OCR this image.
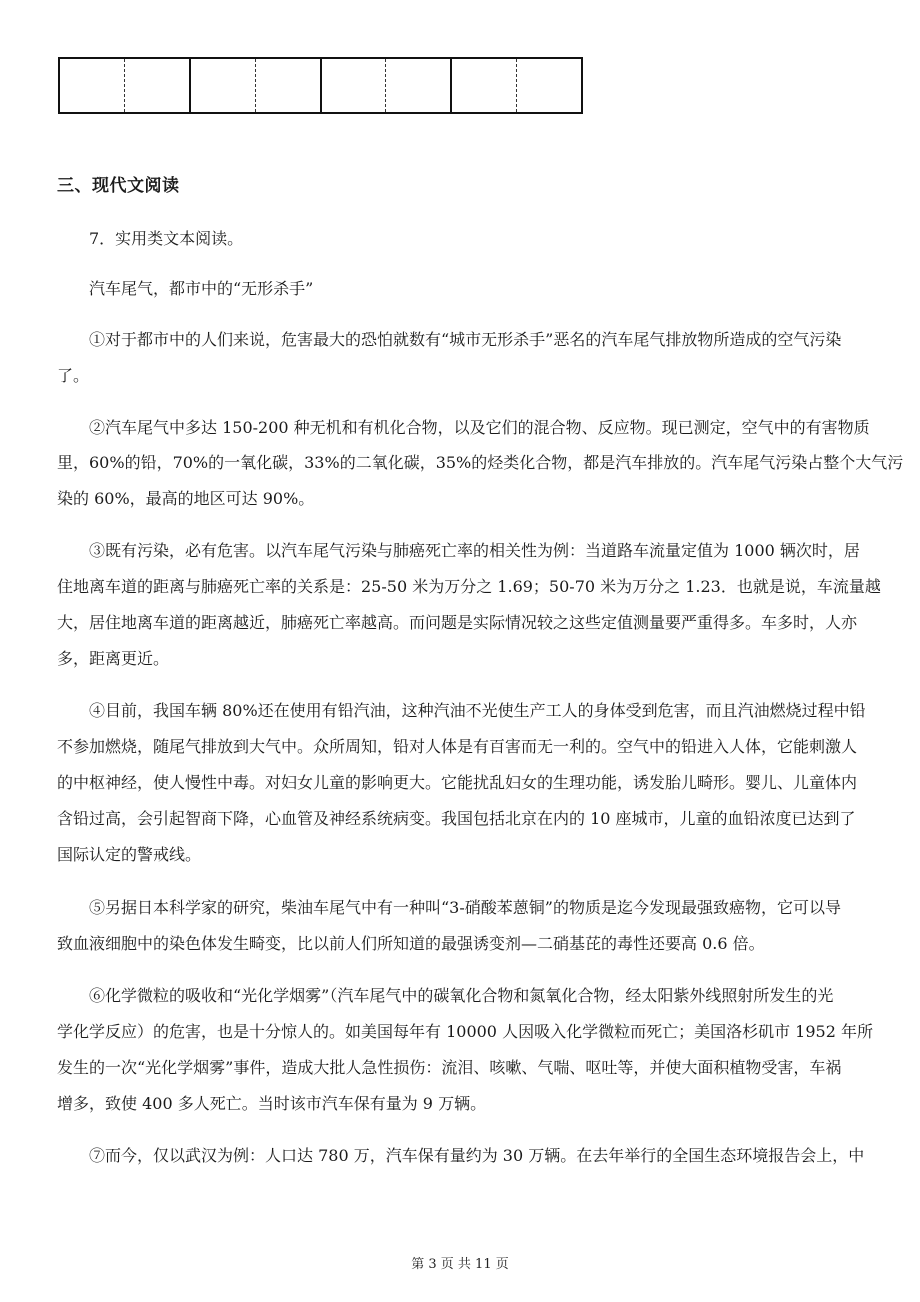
三、现代文阅读

7．实用类文本阅读。

汽车尾气，都市中的“无形杀手”

①对于都市中的人们来说，危害最大的恐怕就数有“城市无形杀手”恶名的汽车尾气排放物所造成的空气污染

了。

②汽车尾气中多达 150-200 种无机和有机化合物，以及它们的混合物、反应物。现已测定，空气中的有害物质

里，60%的铅，70%的一氧化碳，33%的二氧化碳，35%的烃类化合物，都是汽车排放的。汽车尾气污染占整个大气污

染的 60%，最高的地区可达 90%。

③既有污染，必有危害。以汽车尾气污染与肺癌死亡率的相关性为例：当道路车流量定值为 1000 辆次时，居

住地离车道的距离与肺癌死亡率的关系是：25-50 米为万分之 1.69；50-70 米为万分之 1.23．也就是说，车流量越

大，居住地离车道的距离越近，肺癌死亡率越高。而问题是实际情况较之这些定值测量要严重得多。车多时，人亦

多，距离更近。

④目前，我国车辆 80%还在使用有铅汽油，这种汽油不光使生产工人的身体受到危害，而且汽油燃烧过程中铅

不参加燃烧，随尾气排放到大气中。众所周知，铅对人体是有百害而无一利的。空气中的铅进入人体，它能刺激人

的中枢神经，使人慢性中毒。对妇女儿童的影响更大。它能扰乱妇女的生理功能，诱发胎儿畸形。婴儿、儿童体内

含铅过高，会引起智商下降，心血管及神经系统病变。我国包括北京在内的 10 座城市，儿童的血铅浓度已达到了

国际认定的警戒线。

⑤另据日本科学家的研究，柴油车尾气中有一种叫“3-硝酸苯蒽铜”的物质是迄今发现最强致癌物，它可以导

致血液细胞中的染色体发生畸变，比以前人们所知道的最强诱变剂—二硝基芘的毒性还要高 0.6 倍。

⑥化学微粒的吸收和“光化学烟雾”（汽车尾气中的碳氧化合物和氮氧化合物，经太阳紫外线照射所发生的光

学化学反应）的危害，也是十分惊人的。如美国每年有 10000 人因吸入化学微粒而死亡；美国洛杉矶市 1952 年所

发生的一次“光化学烟雾”事件，造成大批人急性损伤：流泪、咳嗽、气喘、呕吐等，并使大面积植物受害，车祸

增多，致使 400 多人死亡。当时该市汽车保有量为 9 万辆。

⑦而今，仅以武汉为例：人口达 780 万，汽车保有量约为 30 万辆。在去年举行的全国生态环境报告会上，中

第 3 页 共 11 页
